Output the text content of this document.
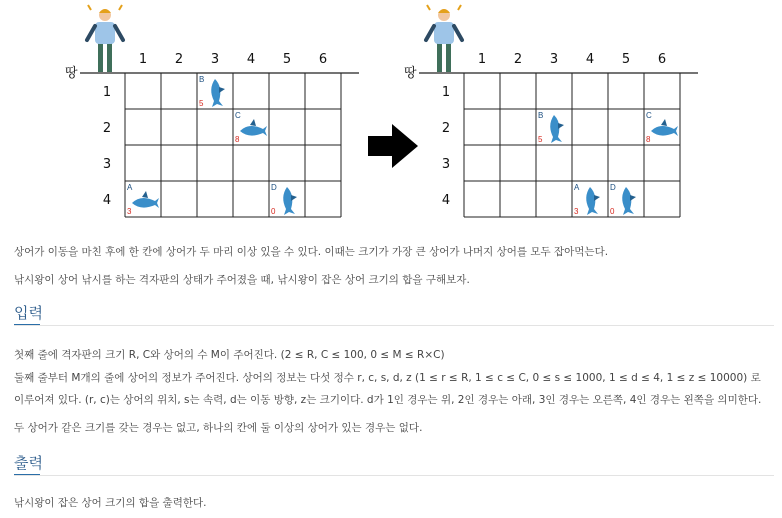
땅
1 2 3 4 5 6
1
2
3
4
B
5
C
8
A
3
D
0
땅
1 2 3 4 5 6
1
2
3
4
B
5
C
8
A
3
D
0
상어가 이동을 마친 후에 한 칸에 상어가 두 마리 이상 있을 수 있다. 이때는 크기가 가장 큰 상어가 나머지 상어를 모두 잡아먹는다.
낚시왕이 상어 낚시를 하는 격자판의 상태가 주어졌을 때, 낚시왕이 잡은 상어 크기의 합을 구해보자.
입력
첫째 줄에 격자판의 크기 R, C와 상어의 수 M이 주어진다. (2 ≤ R, C ≤ 100, 0 ≤ M ≤ R×C)
둘째 줄부터 M개의 줄에 상어의 정보가 주어진다. 상어의 정보는 다섯 정수 r, c, s, d, z (1 ≤ r ≤ R, 1 ≤ c ≤ C, 0 ≤ s ≤ 1000, 1 ≤ d ≤ 4, 1 ≤ z ≤ 10000) 로 이루어져 있다. (r, c)는 상어의 위치, s는 속력, d는 이동 방향, z는 크기이다. d가 1인 경우는 위, 2인 경우는 아래, 3인 경우는 오른쪽, 4인 경우는 왼쪽을 의미한다.
두 상어가 같은 크기를 갖는 경우는 없고, 하나의 칸에 둘 이상의 상어가 있는 경우는 없다.
출력
낚시왕이 잡은 상어 크기의 합을 출력한다.
